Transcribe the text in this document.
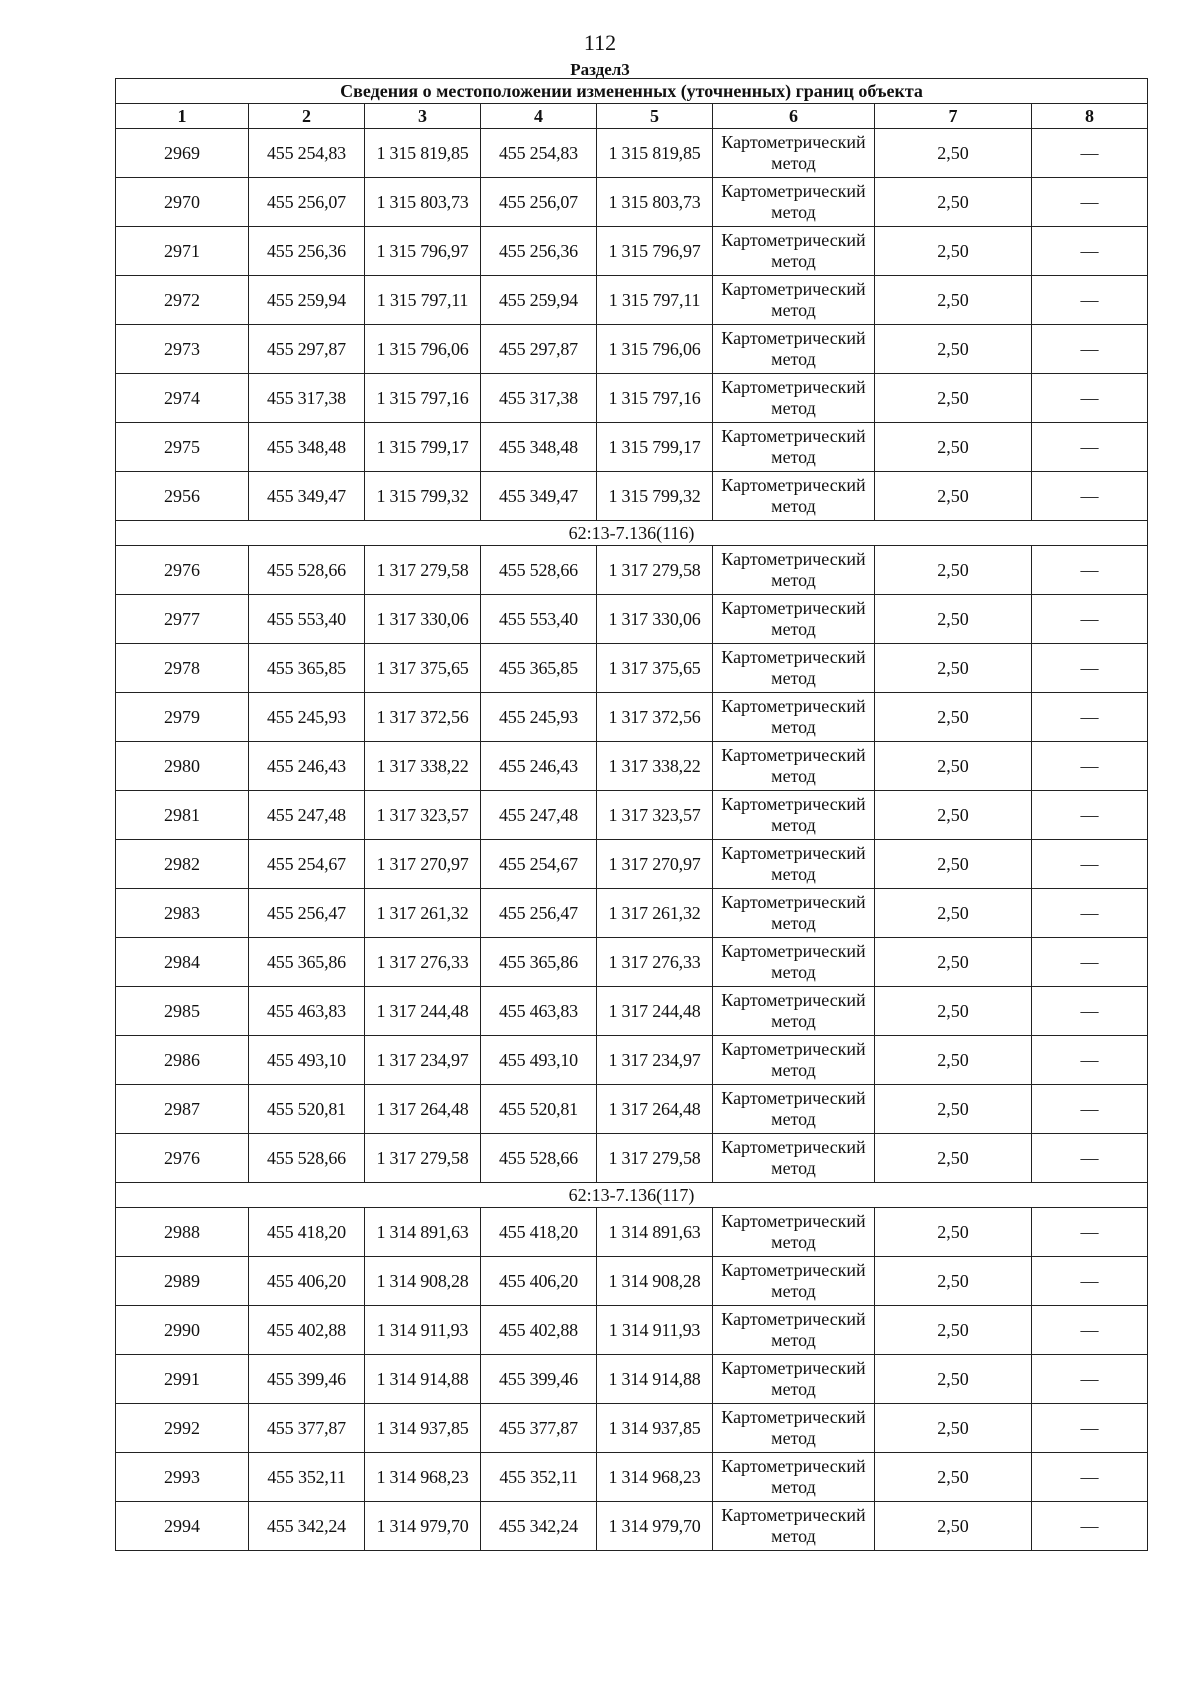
112
Раздел3
Сведения о местоположении измененных (уточненных) границ объекта							
1	2	3	4	5	6	7	8
2969	455 254,83	1 315 819,85	455 254,83	1 315 819,85	Картометрический метод	2,50	—
2970	455 256,07	1 315 803,73	455 256,07	1 315 803,73	Картометрический метод	2,50	—
2971	455 256,36	1 315 796,97	455 256,36	1 315 796,97	Картометрический метод	2,50	—
2972	455 259,94	1 315 797,11	455 259,94	1 315 797,11	Картометрический метод	2,50	—
2973	455 297,87	1 315 796,06	455 297,87	1 315 796,06	Картометрический метод	2,50	—
2974	455 317,38	1 315 797,16	455 317,38	1 315 797,16	Картометрический метод	2,50	—
2975	455 348,48	1 315 799,17	455 348,48	1 315 799,17	Картометрический метод	2,50	—
2956	455 349,47	1 315 799,32	455 349,47	1 315 799,32	Картометрический метод	2,50	—
62:13-7.136(116)							
2976	455 528,66	1 317 279,58	455 528,66	1 317 279,58	Картометрический метод	2,50	—
2977	455 553,40	1 317 330,06	455 553,40	1 317 330,06	Картометрический метод	2,50	—
2978	455 365,85	1 317 375,65	455 365,85	1 317 375,65	Картометрический метод	2,50	—
2979	455 245,93	1 317 372,56	455 245,93	1 317 372,56	Картометрический метод	2,50	—
2980	455 246,43	1 317 338,22	455 246,43	1 317 338,22	Картометрический метод	2,50	—
2981	455 247,48	1 317 323,57	455 247,48	1 317 323,57	Картометрический метод	2,50	—
2982	455 254,67	1 317 270,97	455 254,67	1 317 270,97	Картометрический метод	2,50	—
2983	455 256,47	1 317 261,32	455 256,47	1 317 261,32	Картометрический метод	2,50	—
2984	455 365,86	1 317 276,33	455 365,86	1 317 276,33	Картометрический метод	2,50	—
2985	455 463,83	1 317 244,48	455 463,83	1 317 244,48	Картометрический метод	2,50	—
2986	455 493,10	1 317 234,97	455 493,10	1 317 234,97	Картометрический метод	2,50	—
2987	455 520,81	1 317 264,48	455 520,81	1 317 264,48	Картометрический метод	2,50	—
2976	455 528,66	1 317 279,58	455 528,66	1 317 279,58	Картометрический метод	2,50	—
62:13-7.136(117)							
2988	455 418,20	1 314 891,63	455 418,20	1 314 891,63	Картометрический метод	2,50	—
2989	455 406,20	1 314 908,28	455 406,20	1 314 908,28	Картометрический метод	2,50	—
2990	455 402,88	1 314 911,93	455 402,88	1 314 911,93	Картометрический метод	2,50	—
2991	455 399,46	1 314 914,88	455 399,46	1 314 914,88	Картометрический метод	2,50	—
2992	455 377,87	1 314 937,85	455 377,87	1 314 937,85	Картометрический метод	2,50	—
2993	455 352,11	1 314 968,23	455 352,11	1 314 968,23	Картометрический метод	2,50	—
2994	455 342,24	1 314 979,70	455 342,24	1 314 979,70	Картометрический метод	2,50	—
